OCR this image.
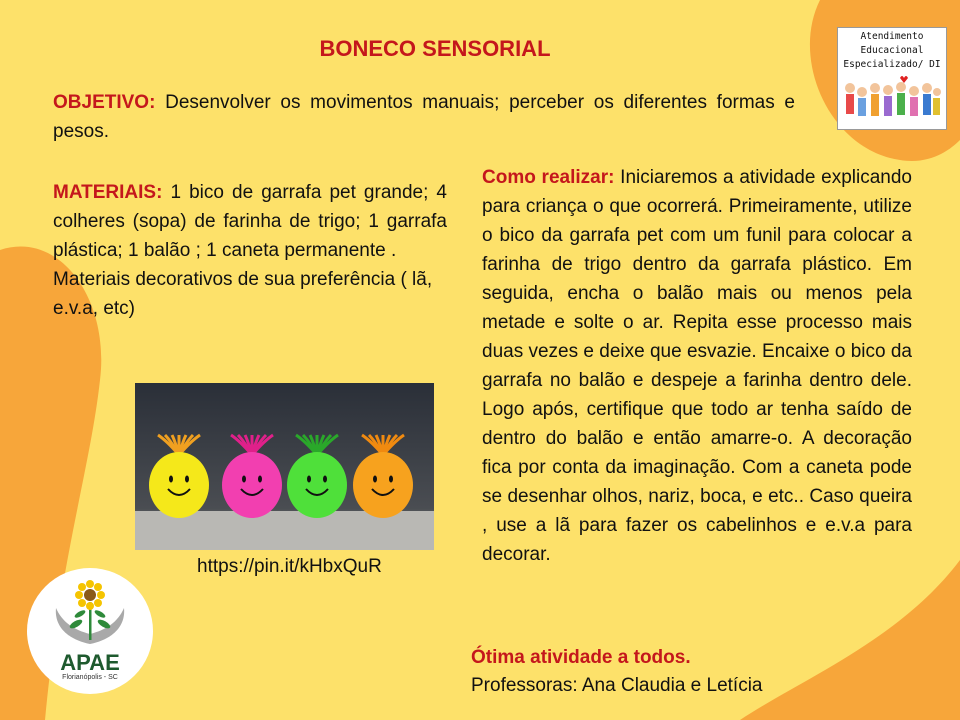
BONECO SENSORIAL
OBJETIVO: Desenvolver os movimentos manuais; perceber os diferentes formas e pesos.
MATERIAIS: 1 bico de garrafa pet grande; 4 colheres (sopa) de farinha de trigo; 1 garrafa plástica; 1 balão ; 1 caneta permanente .
Materiais decorativos de sua preferência ( lã, e.v.a, etc)
Como realizar: Iniciaremos a atividade explicando para criança o que ocorrerá. Primeiramente, utilize o bico da garrafa pet com um funil para colocar a farinha de trigo dentro da garrafa plástico. Em seguida, encha o balão mais ou menos pela metade e solte o ar. Repita esse processo mais duas vezes e deixe que esvazie. Encaixe o bico da garrafa no balão e despeje a farinha dentro dele. Logo após, certifique que todo ar tenha saído de dentro do balão e então amarre-o. A decoração fica por conta da imaginação. Com a caneta pode se desenhar olhos, nariz, boca, e etc.. Caso queira , use a lã para fazer os cabelinhos e e.v.a para decorar.
https://pin.it/kHbxQuR
Ótima atividade a todos.
Professoras: Ana Claudia e Letícia
Atendimento
Educacional
Especializado/ DI
APAE
Florianópolis - SC
